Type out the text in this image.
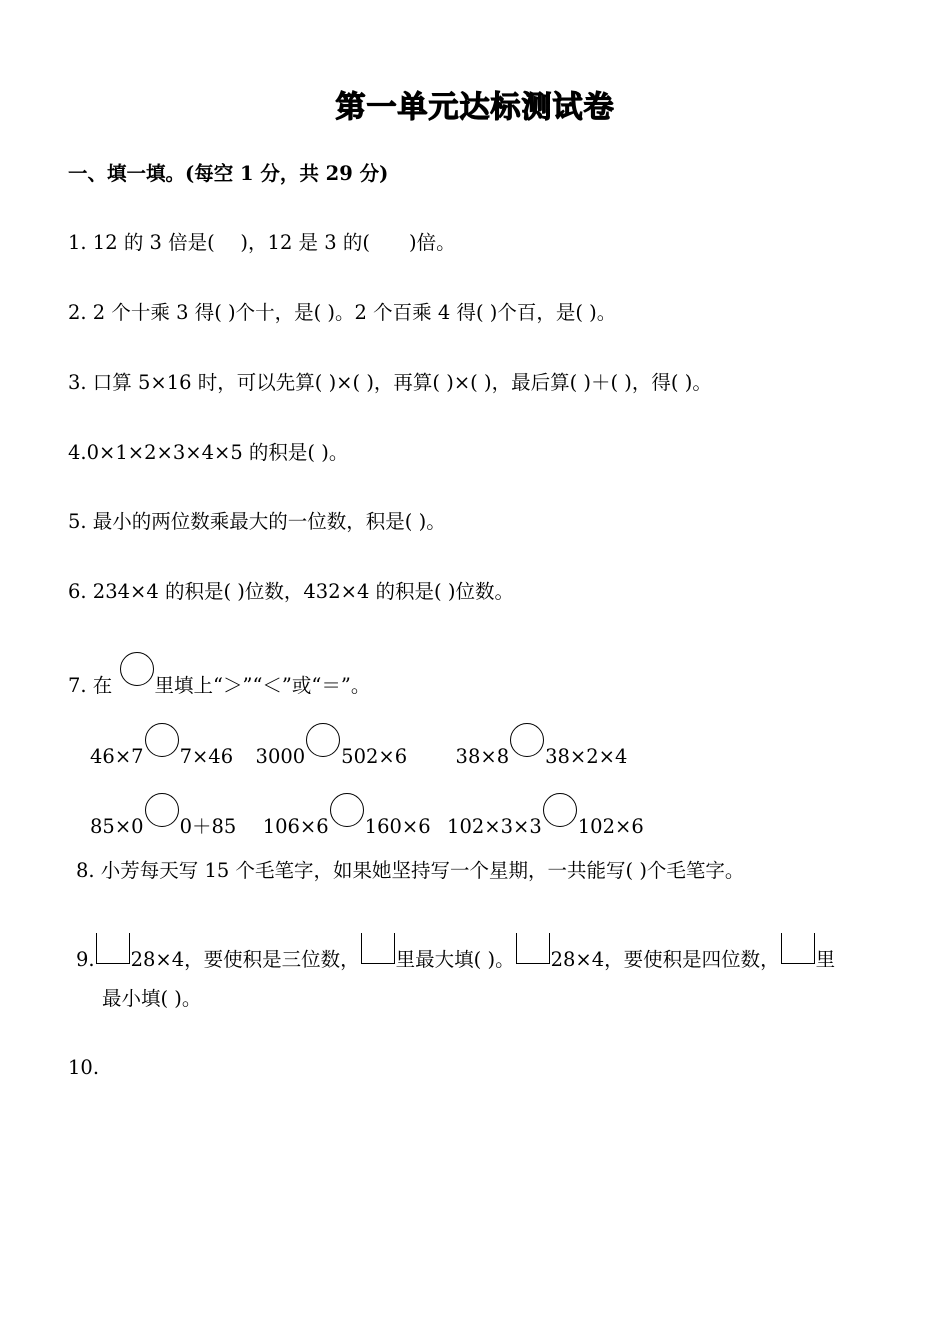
第一单元达标测试卷
一、填一填。(每空 1 分，共 29 分)
1. 12 的 3 倍是(　 )，12 是 3 的(　　)倍。
2. 2 个十乘 3 得( )个十，是( )。2 个百乘 4 得( )个百，是( )。
3. 口算 5×16 时，可以先算( )×( )，再算( )×( )，最后算( )＋( )，得( )。
4.0×1×2×3×4×5 的积是( )。
5. 最小的两位数乘最大的一位数，积是( )。
6. 234×4 的积是( )位数，432×4 的积是( )位数。
7. 在 里填上“＞”“＜”或“＝”。
46×7 7×46 3000 502×6 38×8 38×2×4
85×0 0＋85 106×6 160×6 102×3×3 102×6
8. 小芳每天写 15 个毛笔字，如果她坚持写一个星期，一共能写( )个毛笔字。
9. 28×4，要使积是三位数， 里最大填( )。 28×4，要使积是四位数， 里
最小填( )。
10.
